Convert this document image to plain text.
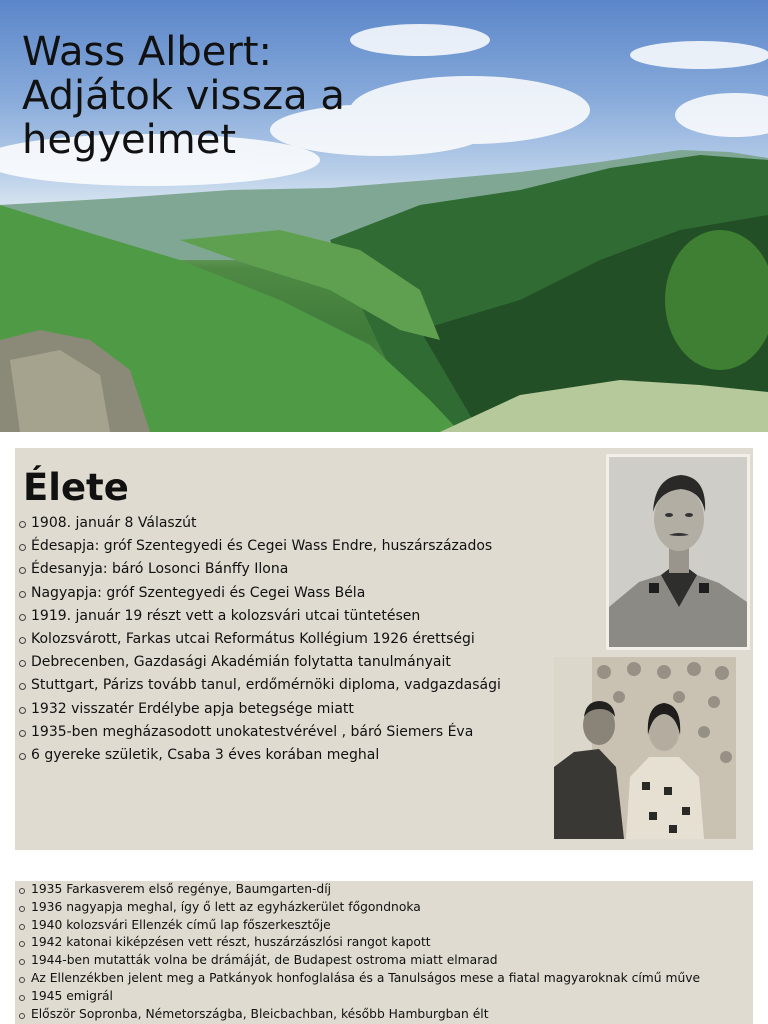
Wass Albert:
Adjátok vissza a
hegyeimet
Élete
1908. január 8 Válaszút
Édesapja: gróf Szentegyedi és Cegei Wass Endre, huszárszázados
Édesanyja: báró Losonci Bánffy Ilona
Nagyapja: gróf Szentegyedi és Cegei Wass Béla
1919. január 19 részt vett a kolozsvári utcai tüntetésen
Kolozsvárott, Farkas utcai Református Kollégium 1926 érettségi
Debrecenben, Gazdasági Akadémián folytatta tanulmányait
Stuttgart, Párizs tovább tanul, erdőmérnöki diploma, vadgazdasági
1932 visszatér Erdélybe apja betegsége miatt
1935-ben megházasodott unokatestvérével , báró Siemers Éva
6 gyereke születik, Csaba 3 éves korában meghal
1935 Farkasverem első regénye, Baumgarten-díj
1936 nagyapja meghal, így ő lett az egyházkerület főgondnoka
1940 kolozsvári Ellenzék című lap főszerkesztője
1942 katonai kiképzésen vett részt, huszárzászlósi rangot kapott
1944-ben mutatták volna be drámáját, de Budapest ostroma miatt elmarad
Az Ellenzékben jelent meg a Patkányok honfoglalása és a Tanulságos mese a fiatal magyaroknak című műve
1945 emigrál
Először Sopronba, Németországba, Bleicbachban, később Hamburgban élt
